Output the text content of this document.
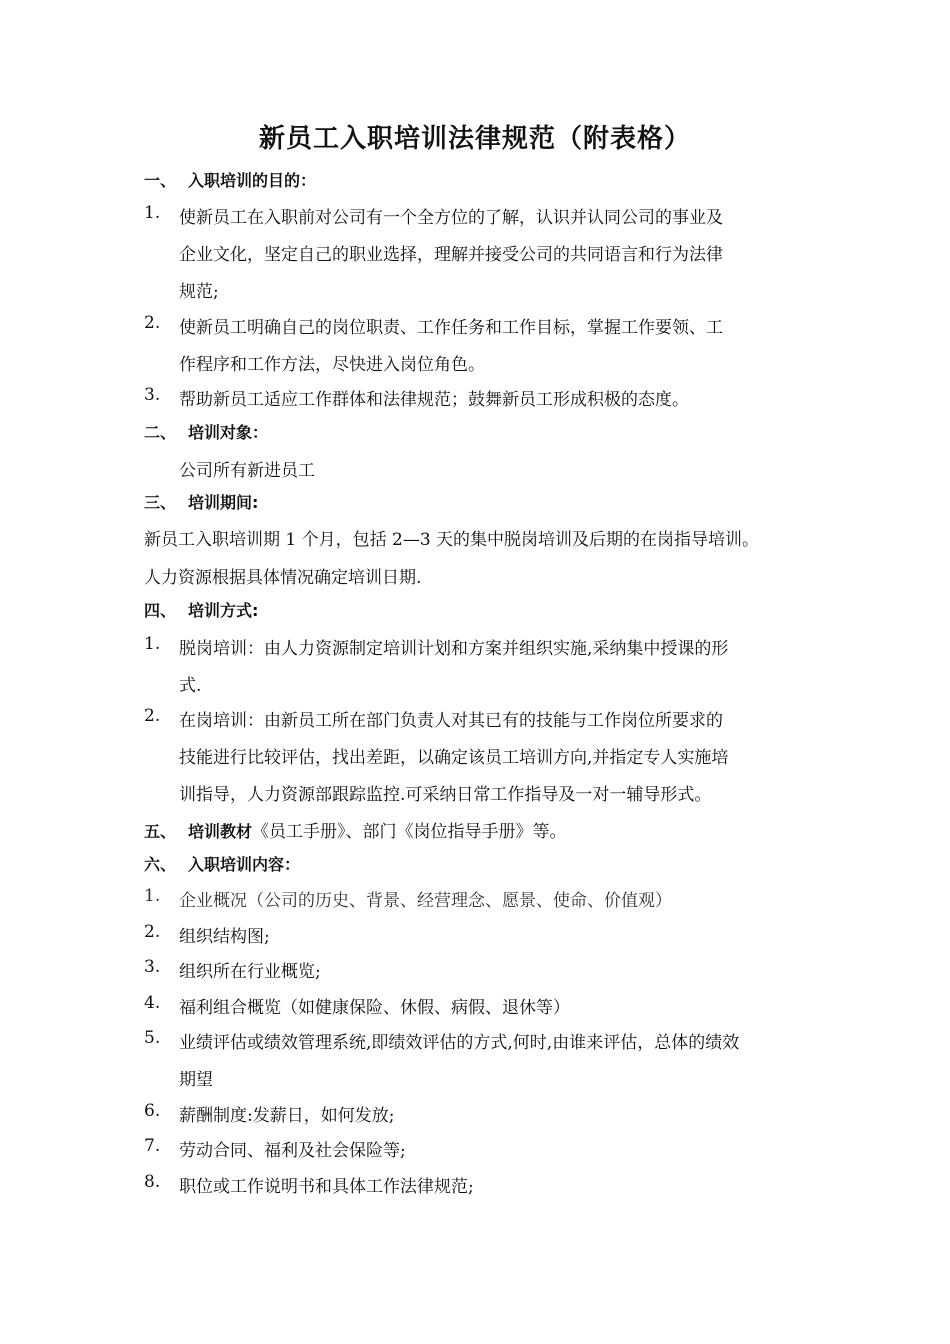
新员工入职培训法律规范（附表格）
一、 入职培训的目的：
1. 使新员工在入职前对公司有一个全方位的了解，认识并认同公司的事业及
企业文化，坚定自己的职业选择，理解并接受公司的共同语言和行为法律
规范;
2. 使新员工明确自己的岗位职责、工作任务和工作目标，掌握工作要领、工
作程序和工作方法，尽快进入岗位角色。
3. 帮助新员工适应工作群体和法律规范；鼓舞新员工形成积极的态度。
二、 培训对象：
公司所有新进员工
三、 培训期间:
新员工入职培训期 1 个月，包括 2—3 天的集中脱岗培训及后期的在岗指导培训。
人力资源根据具体情况确定培训日期.
四、 培训方式:
1. 脱岗培训：由人力资源制定培训计划和方案并组织实施,采纳集中授课的形
式.
2. 在岗培训：由新员工所在部门负责人对其已有的技能与工作岗位所要求的
技能进行比较评估，找出差距，以确定该员工培训方向,并指定专人实施培
训指导，人力资源部跟踪监控.可采纳日常工作指导及一对一辅导形式。
五、 培训教材《员工手册》、部门《岗位指导手册》等。
六、 入职培训内容：
1. 企业概况（公司的历史、背景、经营理念、愿景、使命、价值观）
2. 组织结构图;
3. 组织所在行业概览;
4. 福利组合概览（如健康保险、休假、病假、退休等）
5. 业绩评估或绩效管理系统,即绩效评估的方式,何时,由谁来评估，总体的绩效
期望
6. 薪酬制度:发薪日，如何发放;
7. 劳动合同、福利及社会保险等;
8. 职位或工作说明书和具体工作法律规范;
